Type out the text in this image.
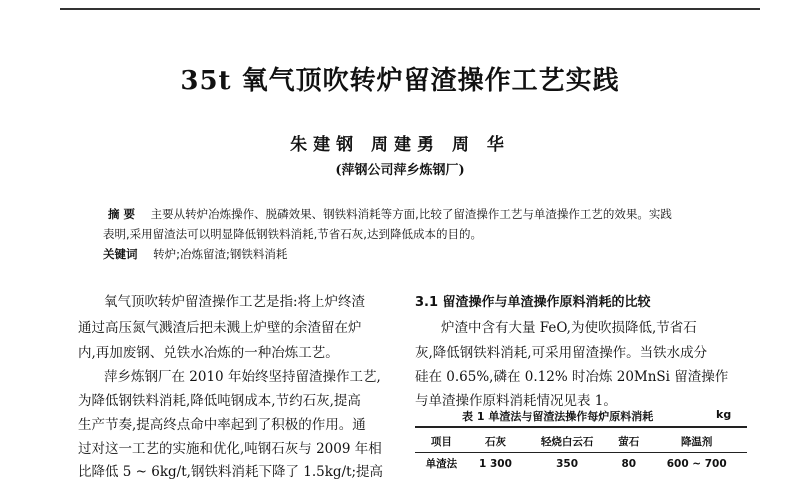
35t 氧气顶吹转炉留渣操作工艺实践
朱建钢 周建勇 周 华
(萍钢公司萍乡炼钢厂)
摘 要 主要从转炉冶炼操作、脱磷效果、钢铁料消耗等方面,比较了留渣操作工艺与单渣操作工艺的效果。实践
表明,采用留渣法可以明显降低钢铁料消耗,节省石灰,达到降低成本的目的。
关键词 转炉;冶炼留渣;钢铁料消耗
氧气顶吹转炉留渣操作工艺是指:将上炉终渣
通过高压氮气溅渣后把未溅上炉壁的余渣留在炉
内,再加废钢、兑铁水冶炼的一种冶炼工艺。
萍乡炼钢厂在 2010 年始终坚持留渣操作工艺,
为降低钢铁料消耗,降低吨钢成本,节约石灰,提高
生产节奏,提高终点命中率起到了积极的作用。通
过对这一工艺的实施和优化,吨钢石灰与 2009 年相
比降低 5 ~ 6kg/t,钢铁料消耗下降了 1.5kg/t;提高
3.1 留渣操作与单渣操作原料消耗的比较
炉渣中含有大量 FeO,为使吹损降低,节省石
灰,降低钢铁料消耗,可采用留渣操作。当铁水成分
硅在 0.65%,磷在 0.12% 时冶炼 20MnSi 留渣操作
与单渣操作原料消耗情况见表 1。
表 1 单渣法与留渣法操作每炉原料消耗	kg
项目	石灰	轻烧白云石	萤石	降温剂
单渣法	1 300	350	80	600 ~ 700
